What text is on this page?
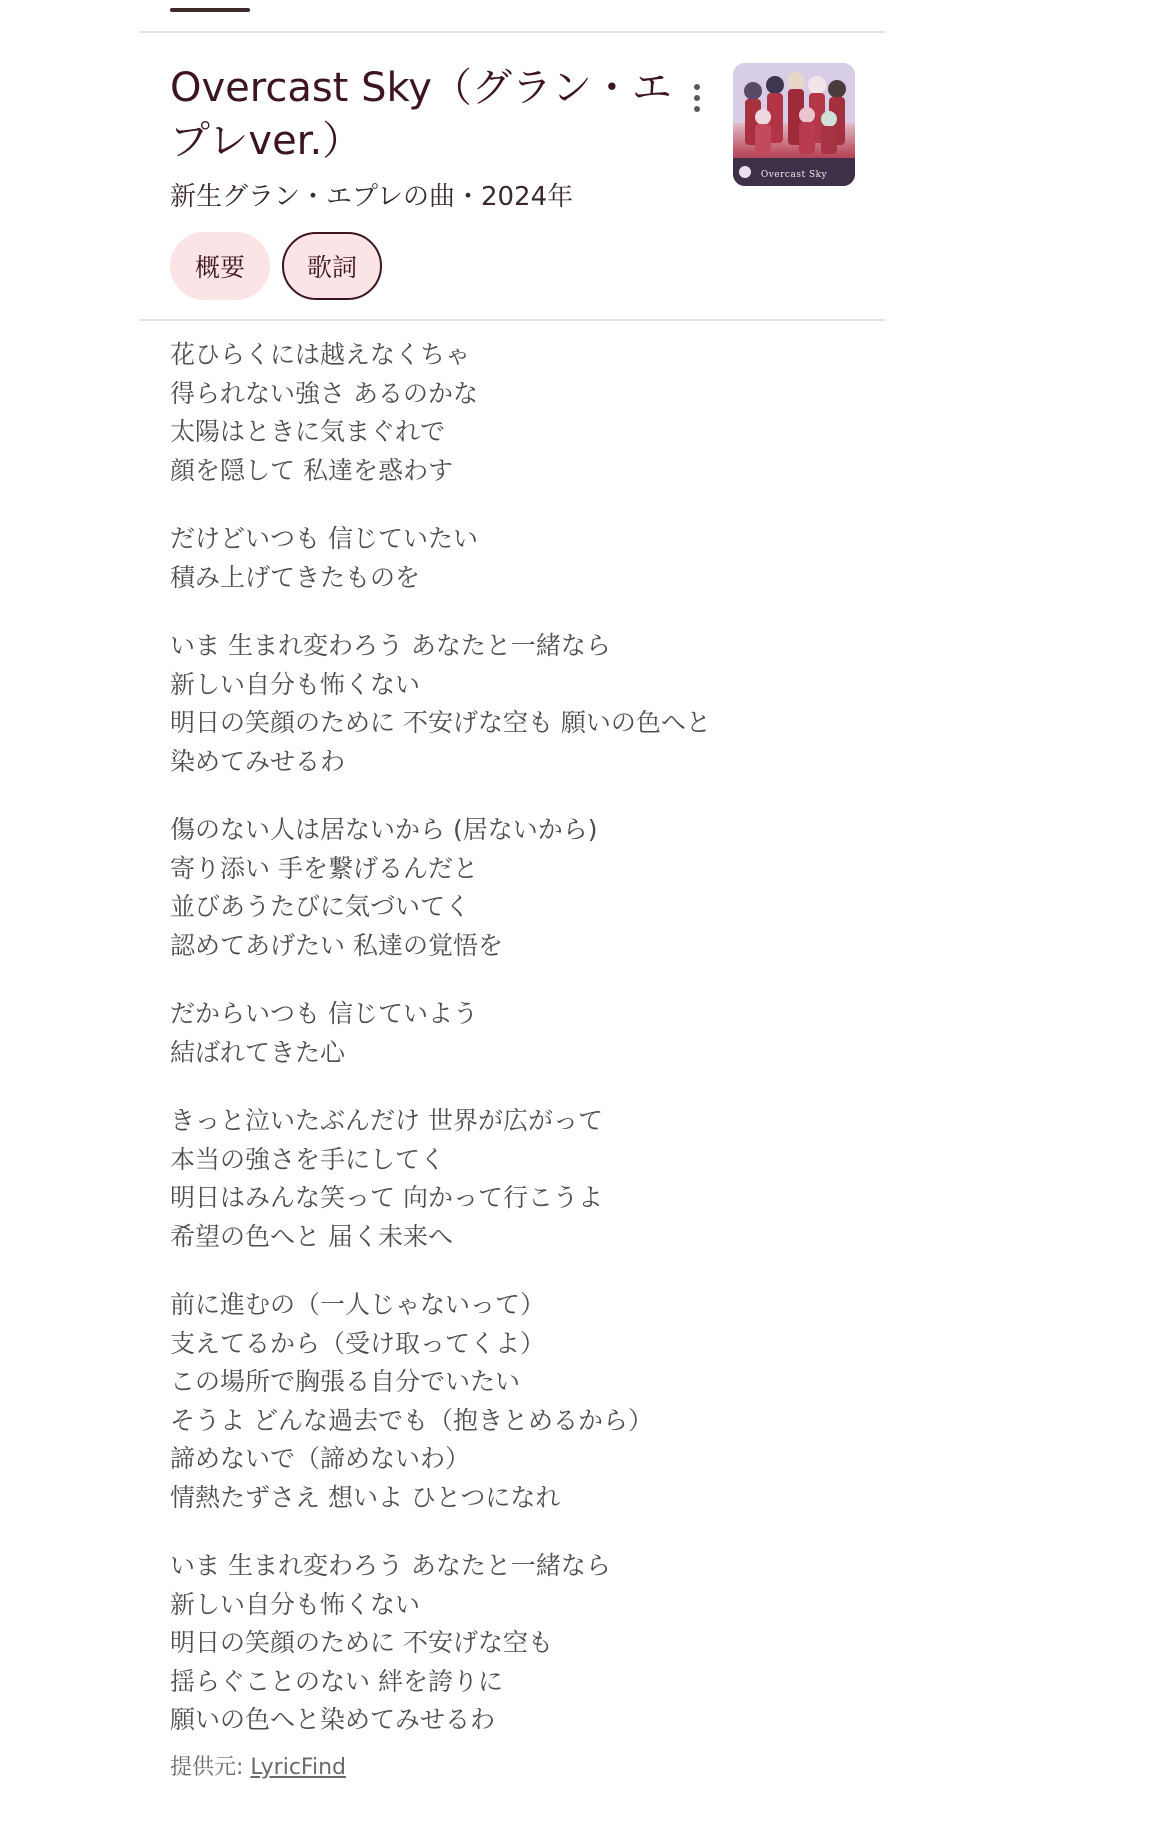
Overcast Sky（グラン・エプレver.）
新生グラン・エプレの曲・2024年
Overcast Sky
概要	歌詞
花ひらくには越えなくちゃ
得られない強さ あるのかな
太陽はときに気まぐれで
顔を隠して 私達を惑わす
だけどいつも 信じていたい
積み上げてきたものを
いま 生まれ変わろう あなたと一緒なら
新しい自分も怖くない
明日の笑顔のために 不安げな空も 願いの色へと
染めてみせるわ
傷のない人は居ないから (居ないから)
寄り添い 手を繋げるんだと
並びあうたびに気づいてく
認めてあげたい 私達の覚悟を
だからいつも 信じていよう
結ばれてきた心
きっと泣いたぶんだけ 世界が広がって
本当の強さを手にしてく
明日はみんな笑って 向かって行こうよ
希望の色へと 届く未来へ
前に進むの（一人じゃないって）
支えてるから（受け取ってくよ）
この場所で胸張る自分でいたい
そうよ どんな過去でも（抱きとめるから）
諦めないで（諦めないわ）
情熱たずさえ 想いよ ひとつになれ
いま 生まれ変わろう あなたと一緒なら
新しい自分も怖くない
明日の笑顔のために 不安げな空も
揺らぐことのない 絆を誇りに
願いの色へと染めてみせるわ
提供元: LyricFind
